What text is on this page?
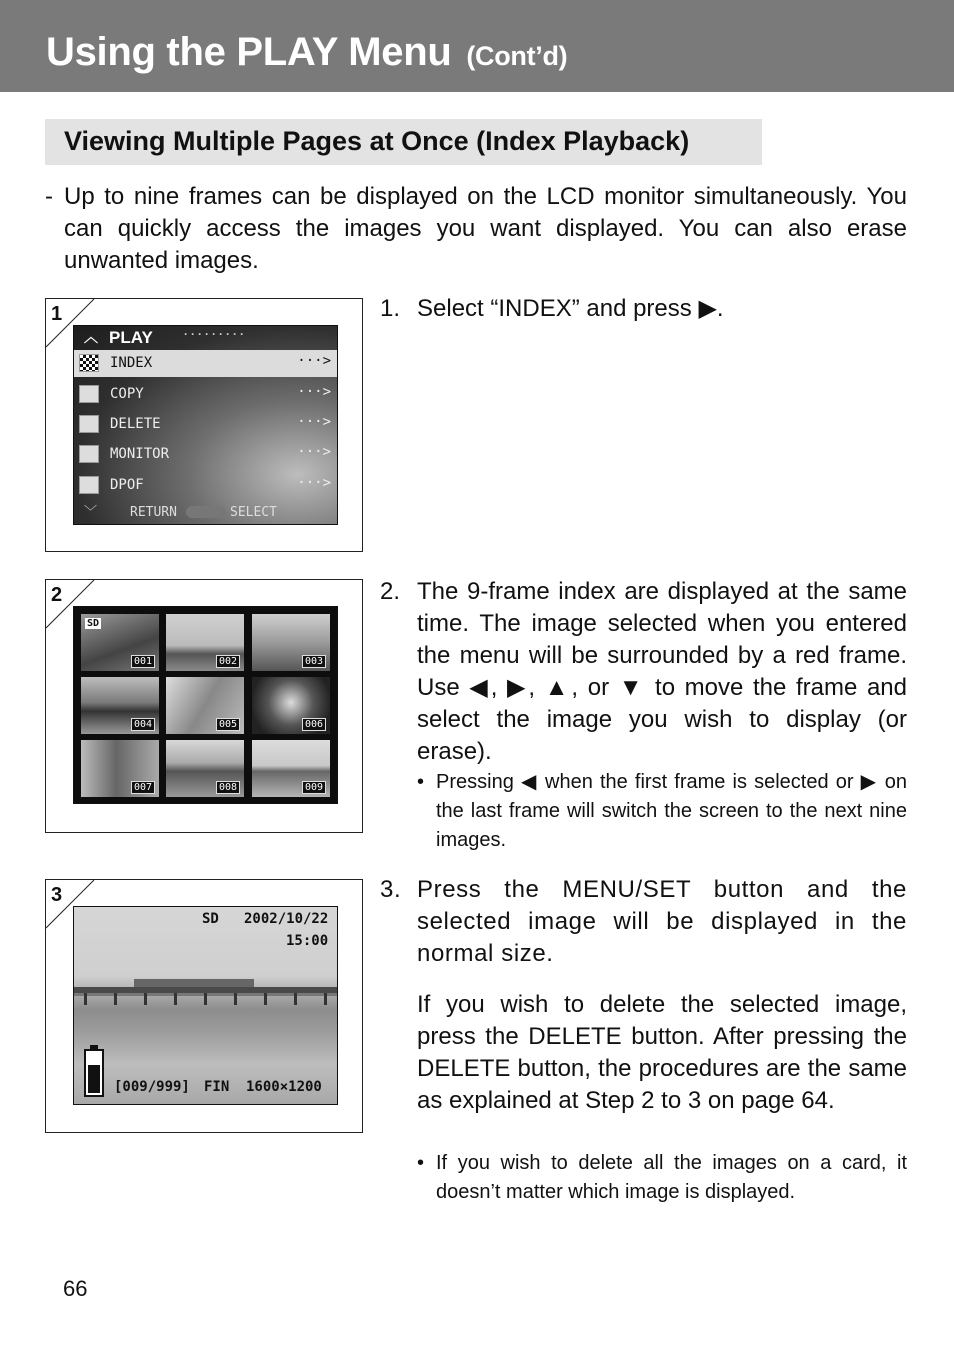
Using the PLAY Menu (Cont’d)
Viewing Multiple Pages at Once (Index Playback)
- Up to nine frames can be displayed on the LCD monitor simultaneously. You can quickly access the images you want displayed. You can also erase unwanted images.
1
︿ PLAY	·········
INDEX	···>
COPY	···>
DELETE	···>
MONITOR	···>
DPOF	···>
﹀	RETURN	SELECT
2
SD
001	002	003
004	005	006
007	008	009
3
SD 2002/10/22
15:00
[009/999] FIN 1600×1200
1. Select “INDEX” and press ▶.
2. The 9-frame index are displayed at the same time. The image selected when you entered the menu will be surrounded by a red frame. Use ◀, ▶, ▲, or ▼ to move the frame and select the image you wish to display (or erase).
• Pressing ◀ when the first frame is selected or ▶ on the last frame will switch the screen to the next nine images.
3. Press the MENU/SET button and the selected image will be displayed in the normal size.
If you wish to delete the selected image, press the DELETE button. After pressing the DELETE button, the procedures are the same as explained at Step 2 to 3 on page 64.
• If you wish to delete all the images on a card, it doesn’t matter which image is displayed.
66
